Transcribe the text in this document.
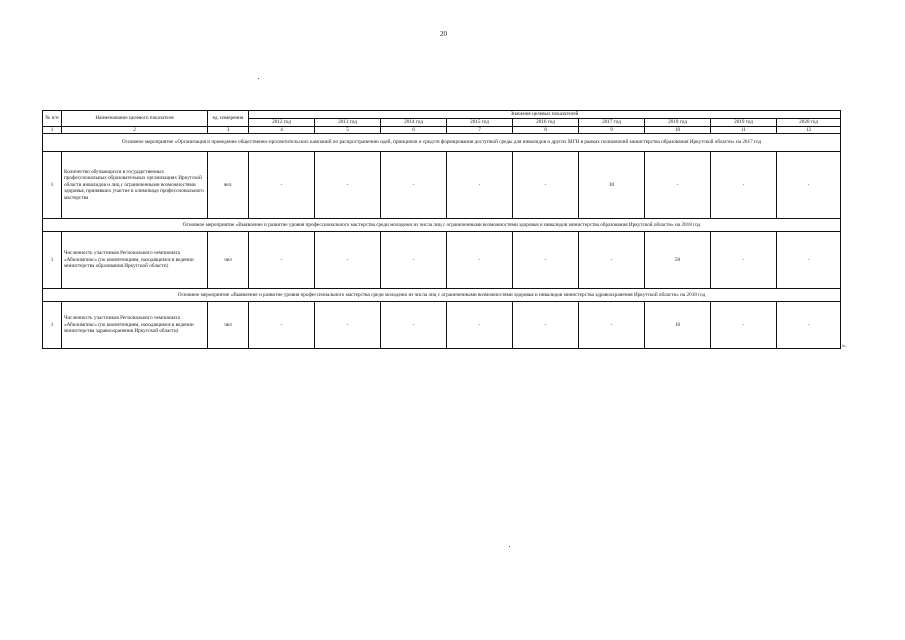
20
№ п/п	Наименование целевого показателя	ед. измерения	Значение целевых показателей								
			2012 год	2013 год	2014 год	2015 год	2016 год	2017 год	2018 год	2019 год	2020 год
1	2	3	4	5	6	7	8	9	10	11	12
Основное мероприятие «Организация и проведение общественно-просветительских кампаний по распространению идей, принципов и средств формирования доступной среды для инвалидов и других МГН в рамках полномочий министерства образования Иркутской области» на 2017 год											
1	Количество обучающихся в государственных профессиональных образовательных организациях Иркутской области инвалидов и лиц с ограниченными возможностями здоровья, принявших участие в олимпиаде профессионального мастерства	чел.	-	-	-	-	-	30	-	-	-
Основное мероприятие «Выявление и развитие уровня профессионального мастерства среди молодежи из числа лиц с ограниченными возможностями здоровья и инвалидов министерства образования Иркутской области» на 2018 год											
1	Численность участников Регионального чемпионата «Абилимпикс» (по компетенциям, находящимся в ведении министерства образования Иркутской области)	чел	-	-	-	-	-	-	50	-	-
Основное мероприятие «Выявление и развитие уровня профессионального мастерства среди молодежи из числа лиц с ограниченными возможностями здоровья и инвалидов министерства здравоохранения Иркутской области» на 2018 год											
1	Численность участников Регионального чемпионата «Абилимпикс» (по компетенциям, находящимся в ведении министерства здравоохранения Иркутской области)	чел	-	-	-	-	-	-	10	-	-
».
